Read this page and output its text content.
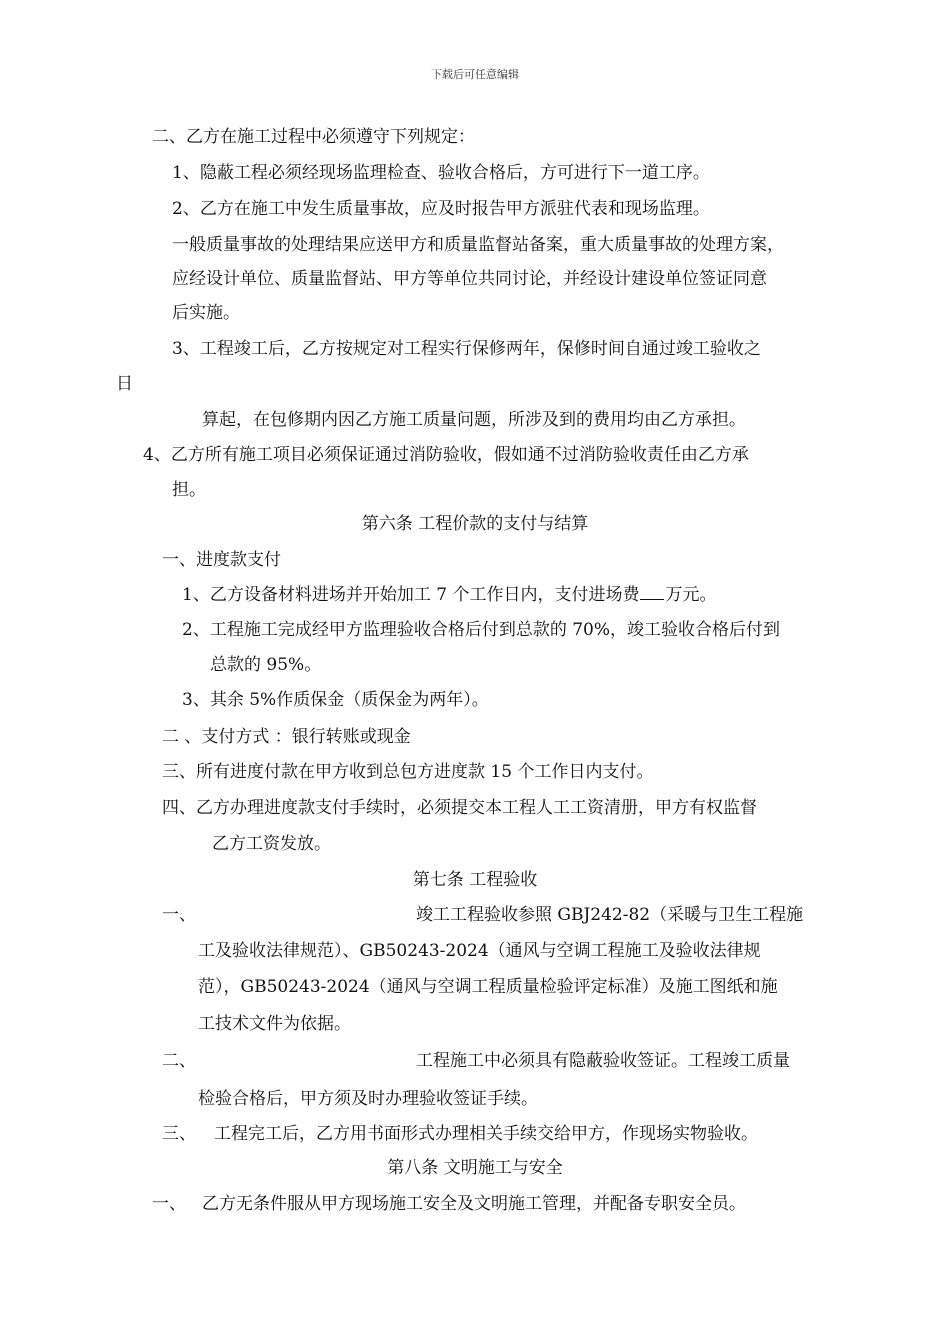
下载后可任意编辑
二、乙方在施工过程中必须遵守下列规定：
1、隐蔽工程必须经现场监理检查、验收合格后，方可进行下一道工序。
2、乙方在施工中发生质量事故，应及时报告甲方派驻代表和现场监理。
一般质量事故的处理结果应送甲方和质量监督站备案，重大质量事故的处理方案，
应经设计单位、质量监督站、甲方等单位共同讨论，并经设计建设单位签证同意
后实施。
3、工程竣工后，乙方按规定对工程实行保修两年，保修时间自通过竣工验收之
日
算起，在包修期内因乙方施工质量问题，所涉及到的费用均由乙方承担。
4、乙方所有施工项目必须保证通过消防验收，假如通不过消防验收责任由乙方承
担。
第六条 工程价款的支付与结算
一、进度款支付
1、乙方设备材料进场并开始加工 7 个工作日内，支付进场费 万元。
2、工程施工完成经甲方监理验收合格后付到总款的 70%，竣工验收合格后付到
总款的 95%。
3、其余 5%作质保金（质保金为两年）。
二 、支付方式 ：银行转账或现金
三、所有进度付款在甲方收到总包方进度款 15 个工作日内支付。
四、乙方办理进度款支付手续时，必须提交本工程人工工资清册，甲方有权监督
乙方工资发放。
第七条 工程验收
一、	竣工工程验收参照 GBJ242-82（采暖与卫生工程施
工及验收法律规范）、GB50243-2024（通风与空调工程施工及验收法律规
范），GB50243-2024（通风与空调工程质量检验评定标准）及施工图纸和施
工技术文件为依据。
二、	工程施工中必须具有隐蔽验收签证。工程竣工质量
检验合格后，甲方须及时办理验收签证手续。
三、 工程完工后，乙方用书面形式办理相关手续交给甲方，作现场实物验收。
第八条 文明施工与安全
一、 乙方无条件服从甲方现场施工安全及文明施工管理，并配备专职安全员。
